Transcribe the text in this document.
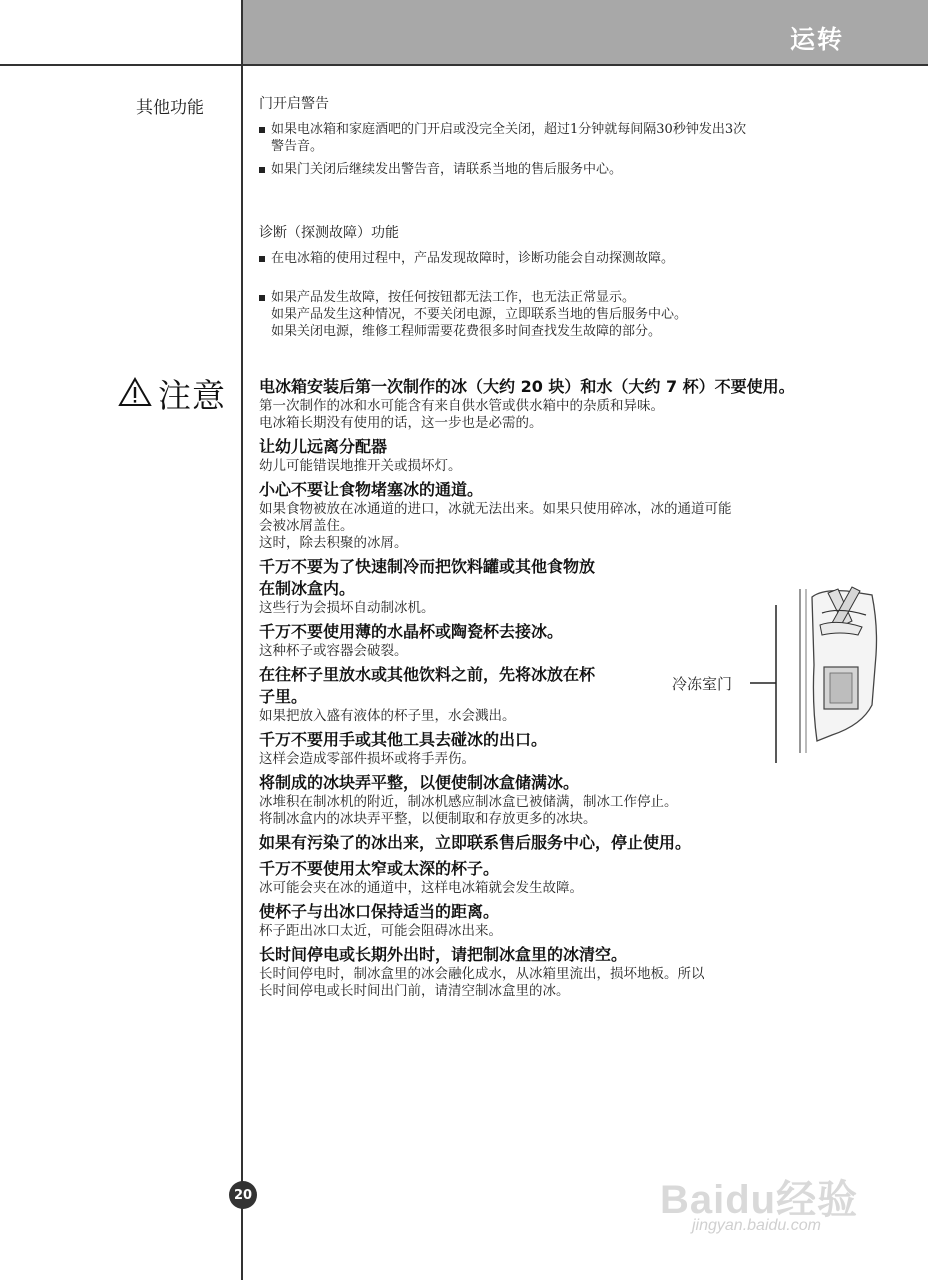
运转
其他功能
注意

门开启警告

如果电冰箱和家庭酒吧的门开启或没完全关闭，超过1分钟就每间隔30秒钟发出3次

警告音。

如果门关闭后继续发出警告音，请联系当地的售后服务中心。

诊断（探测故障）功能

在电冰箱的使用过程中，产品发现故障时，诊断功能会自动探测故障。

如果产品发生故障，按任何按钮都无法工作，也无法正常显示。

如果产品发生这种情况，不要关闭电源，立即联系当地的售后服务中心。

如果关闭电源，维修工程师需要花费很多时间查找发生故障的部分。

电冰箱安装后第一次制作的冰（大约 20 块）和水（大约 7 杯）不要使用。

第一次制作的冰和水可能含有来自供水管或供水箱中的杂质和异味。

电冰箱长期没有使用的话，这一步也是必需的。

让幼儿远离分配器

幼儿可能错误地推开关或损坏灯。

小心不要让食物堵塞冰的通道。

如果食物被放在冰通道的进口，冰就无法出来。如果只使用碎冰，冰的通道可能

会被冰屑盖住。

这时，除去积聚的冰屑。

千万不要为了快速制冷而把饮料罐或其他食物放

在制冰盒内。

这些行为会损坏自动制冰机。

千万不要使用薄的水晶杯或陶瓷杯去接冰。

这种杯子或容器会破裂。

在往杯子里放水或其他饮料之前，先将冰放在杯

子里。

如果把放入盛有液体的杯子里，水会溅出。

千万不要用手或其他工具去碰冰的出口。

这样会造成零部件损坏或将手弄伤。

将制成的冰块弄平整，以便使制冰盒储满冰。

冰堆积在制冰机的附近，制冰机感应制冰盒已被储满，制冰工作停止。

将制冰盒内的冰块弄平整，以便制取和存放更多的冰块。

如果有污染了的冰出来，立即联系售后服务中心，停止使用。

千万不要使用太窄或太深的杯子。

冰可能会夹在冰的通道中，这样电冰箱就会发生故障。

使杯子与出冰口保持适当的距离。

杯子距出冰口太近，可能会阻碍冰出来。

长时间停电或长期外出时，请把制冰盒里的冰清空。

长时间停电时，制冰盒里的冰会融化成水，从冰箱里流出，损坏地板。所以

长时间停电或长时间出门前，请清空制冰盒里的冰。

冷冻室门
20	Baidu经验
jingyan.baidu.com
